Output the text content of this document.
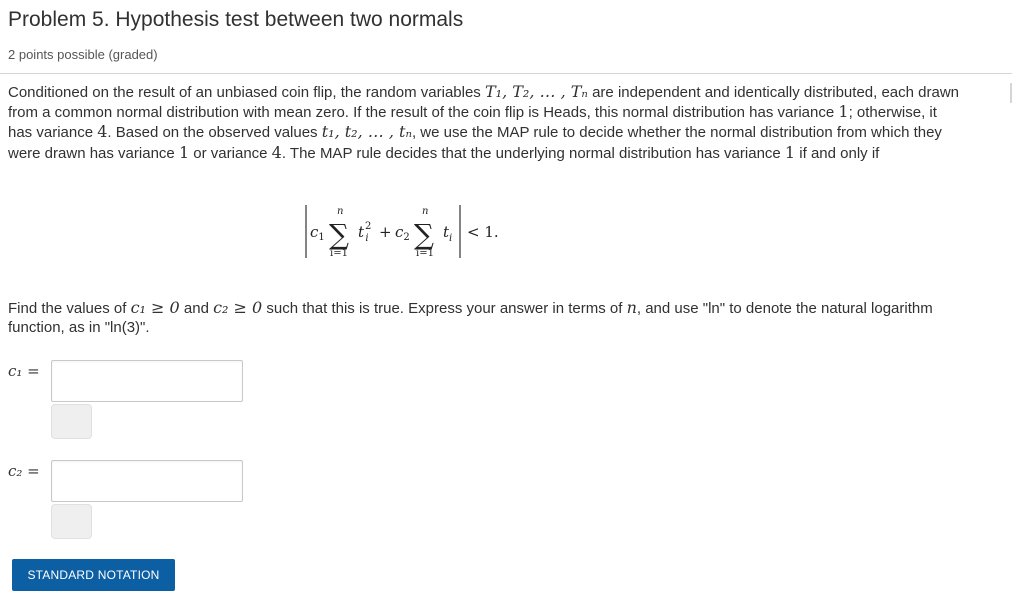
Problem 5. Hypothesis test between two normals
2 points possible (graded)
Conditioned on the result of an unbiased coin flip, the random variables T₁, T₂, … , Tₙ are independent and identically distributed, each drawn
from a common normal distribution with mean zero. If the result of the coin flip is Heads, this normal distribution has variance 1; otherwise, it
has variance 4. Based on the observed values t₁, t₂, … , tₙ, we use the MAP rule to decide whether the normal distribution from which they
were drawn has variance 1 or variance 4. The MAP rule decides that the underlying normal distribution has variance 1 if and only if
$c_1$
n
∑
i=1
$t^2$ $i + c_2$
n
∑
i=1
$t_i < 1$.
Find the values of c₁ ≥ 0 and c₂ ≥ 0 such that this is true. Express your answer in terms of n, and use "ln" to denote the natural logarithm
function, as in "ln(3)".
c₁ =
c₂ =
STANDARD NOTATION
